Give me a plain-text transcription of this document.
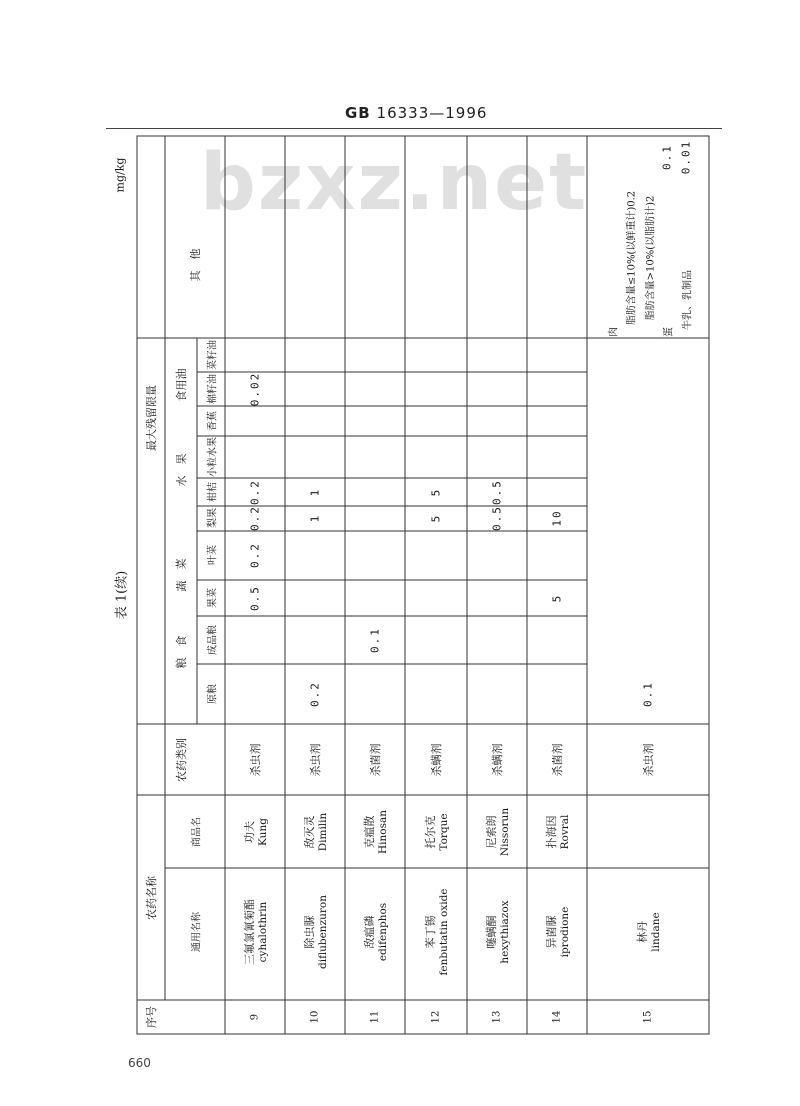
GB 16333—1996
bzxz.net
660
mg/kg
表 1(续)
序号
农药名称
通用名称
商品名
农药类别
最大残留限量
粮　食
原粮
成品粮
蔬　菜
果菜
叶菜
水　果
梨果
柑桔
小粒水果
香蕉
食用油	棉籽油
菜籽油
其　他
9
三氟氯氰菊酯 cyhalothrin
功夫 Kung
杀虫剂
0.5
0.2
0.2
0.2
0.02
10
除虫脲 diflubenzuron
敌灭灵 Dimilin
杀虫剂
0.2
1
1
11
敌瘟磷 edifenphos
克瘟散 Hinosan
杀菌剂
0.1
12
苯丁锡 fenbutatin oxide
托尔克 Torque
杀螨剂
5
5
13
噻螨酮 hexythiazox
尼索朗 Nissorun
杀螨剂
0.5
0.5
14
异菌脲 iprodione
扑海因 Rovral
杀菌剂
5
10
15
林丹 lindane
杀虫剂
0.1
肉
脂肪含量≤10%(以鲜重计)0.2 脂肪含量>10%(以脂肪计)2
蛋
0.1
牛乳、乳制品
0.01
